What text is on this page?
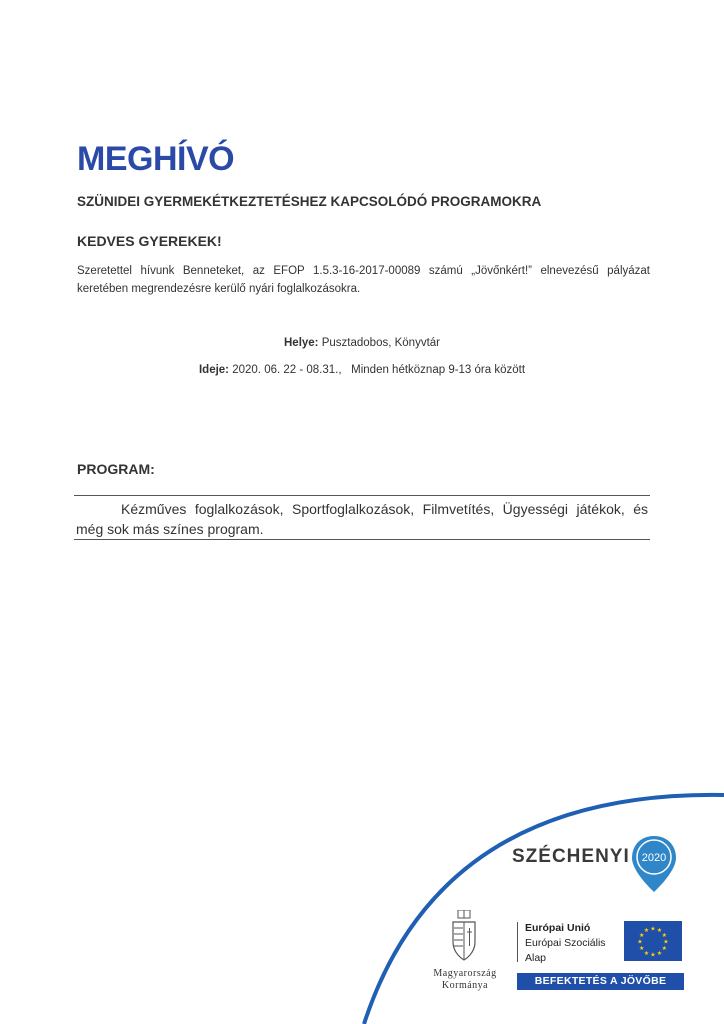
MEGHÍVÓ
SZÜNIDEI GYERMEKÉTKEZTETÉSHEZ KAPCSOLÓDÓ PROGRAMOKRA
KEDVES GYEREKEK!
Szeretettel hívunk Benneteket, az EFOP 1.5.3-16-2017-00089 számú „Jövőnkért!” elnevezésű pályázat keretében megrendezésre kerülő nyári foglalkozásokra.
Helye: Pusztadobos, Könyvtár
Ideje: 2020. 06. 22 - 08.31.,   Minden hétköznap 9-13 óra között
PROGRAM:
Kézműves foglalkozások, Sportfoglalkozások, Filmvetítés, Ügyességi játékok, és még sok más színes program.
SZÉCHENYI 2020
Magyarország
Kormánya
Európai Unió
Európai Szociális
Alap
★ ★
★
★
★
★
★
★
★
★
★
★
BEFEKTETÉS A JÖVŐBE
